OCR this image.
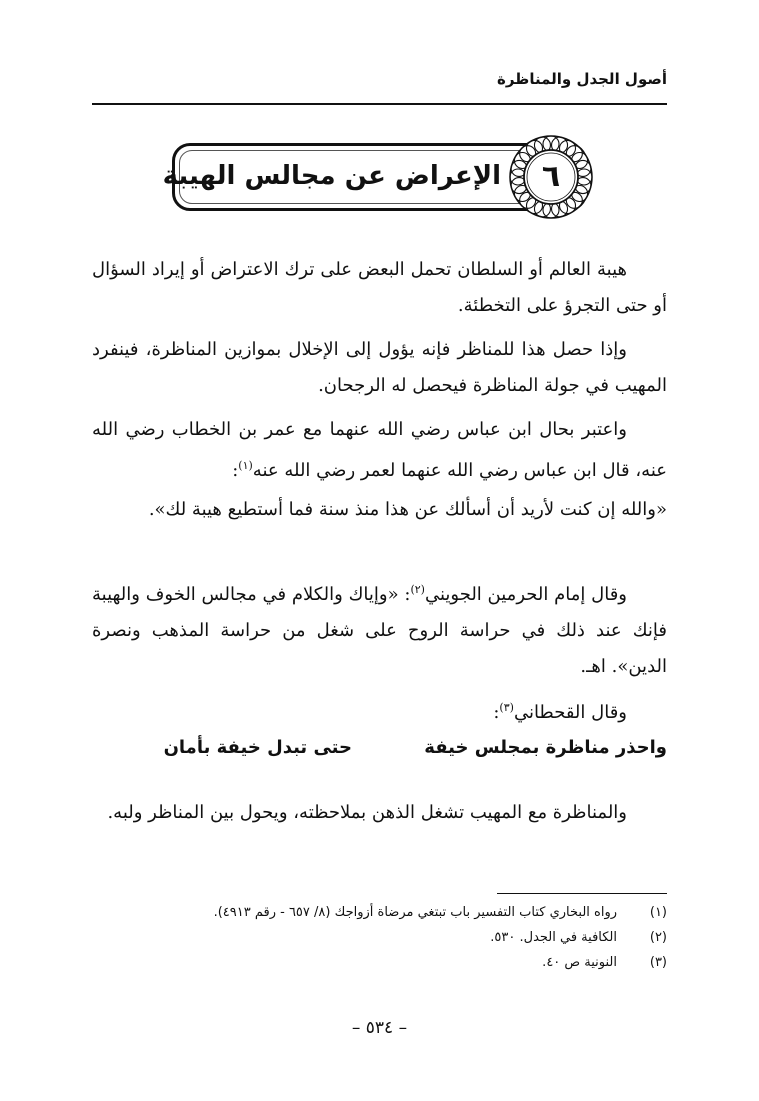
أصول الجدل والمناظرة
٦
الإعراض عن مجالس الهيبة
هيبة العالم أو السلطان تحمل البعض على ترك الاعتراض أو إيراد السؤال أو حتى التجرؤ على التخطئة.
وإذا حصل هذا للمناظر فإنه يؤول إلى الإخلال بموازين المناظرة، فينفرد المهيب في جولة المناظرة فيحصل له الرجحان.
واعتبر بحال ابن عباس رضي الله عنهما مع عمر بن الخطاب رضي الله عنه، قال ابن عباس رضي الله عنهما لعمر رضي الله عنه$^{(١)}$:
«والله إن كنت لأريد أن أسألك عن هذا منذ سنة فما أستطيع هيبة لك».
وقال إمام الحرمين الجويني$^{(٢)}$: «وإياك والكلام في مجالس الخوف والهيبة فإنك عند ذلك في حراسة الروح على شغل من حراسة المذهب ونصرة الدين». اهـ.
وقال القحطاني$^{(٣)}$:
واحذر مناظرة بمجلس خيفة
حتى تبدل خيفة بأمان
والمناظرة مع المهيب تشغل الذهن بملاحظته، ويحول بين المناظر ولبه.
(١)
رواه البخاري كتاب التفسير باب تبتغي مرضاة أزواجك (٨/ ٦٥٧ - رقم ٤٩١٣).
(٢)
الكافية في الجدل. ٥٣٠.
(٣)
النونية ص ٤٠.
– ٥٣٤ –
